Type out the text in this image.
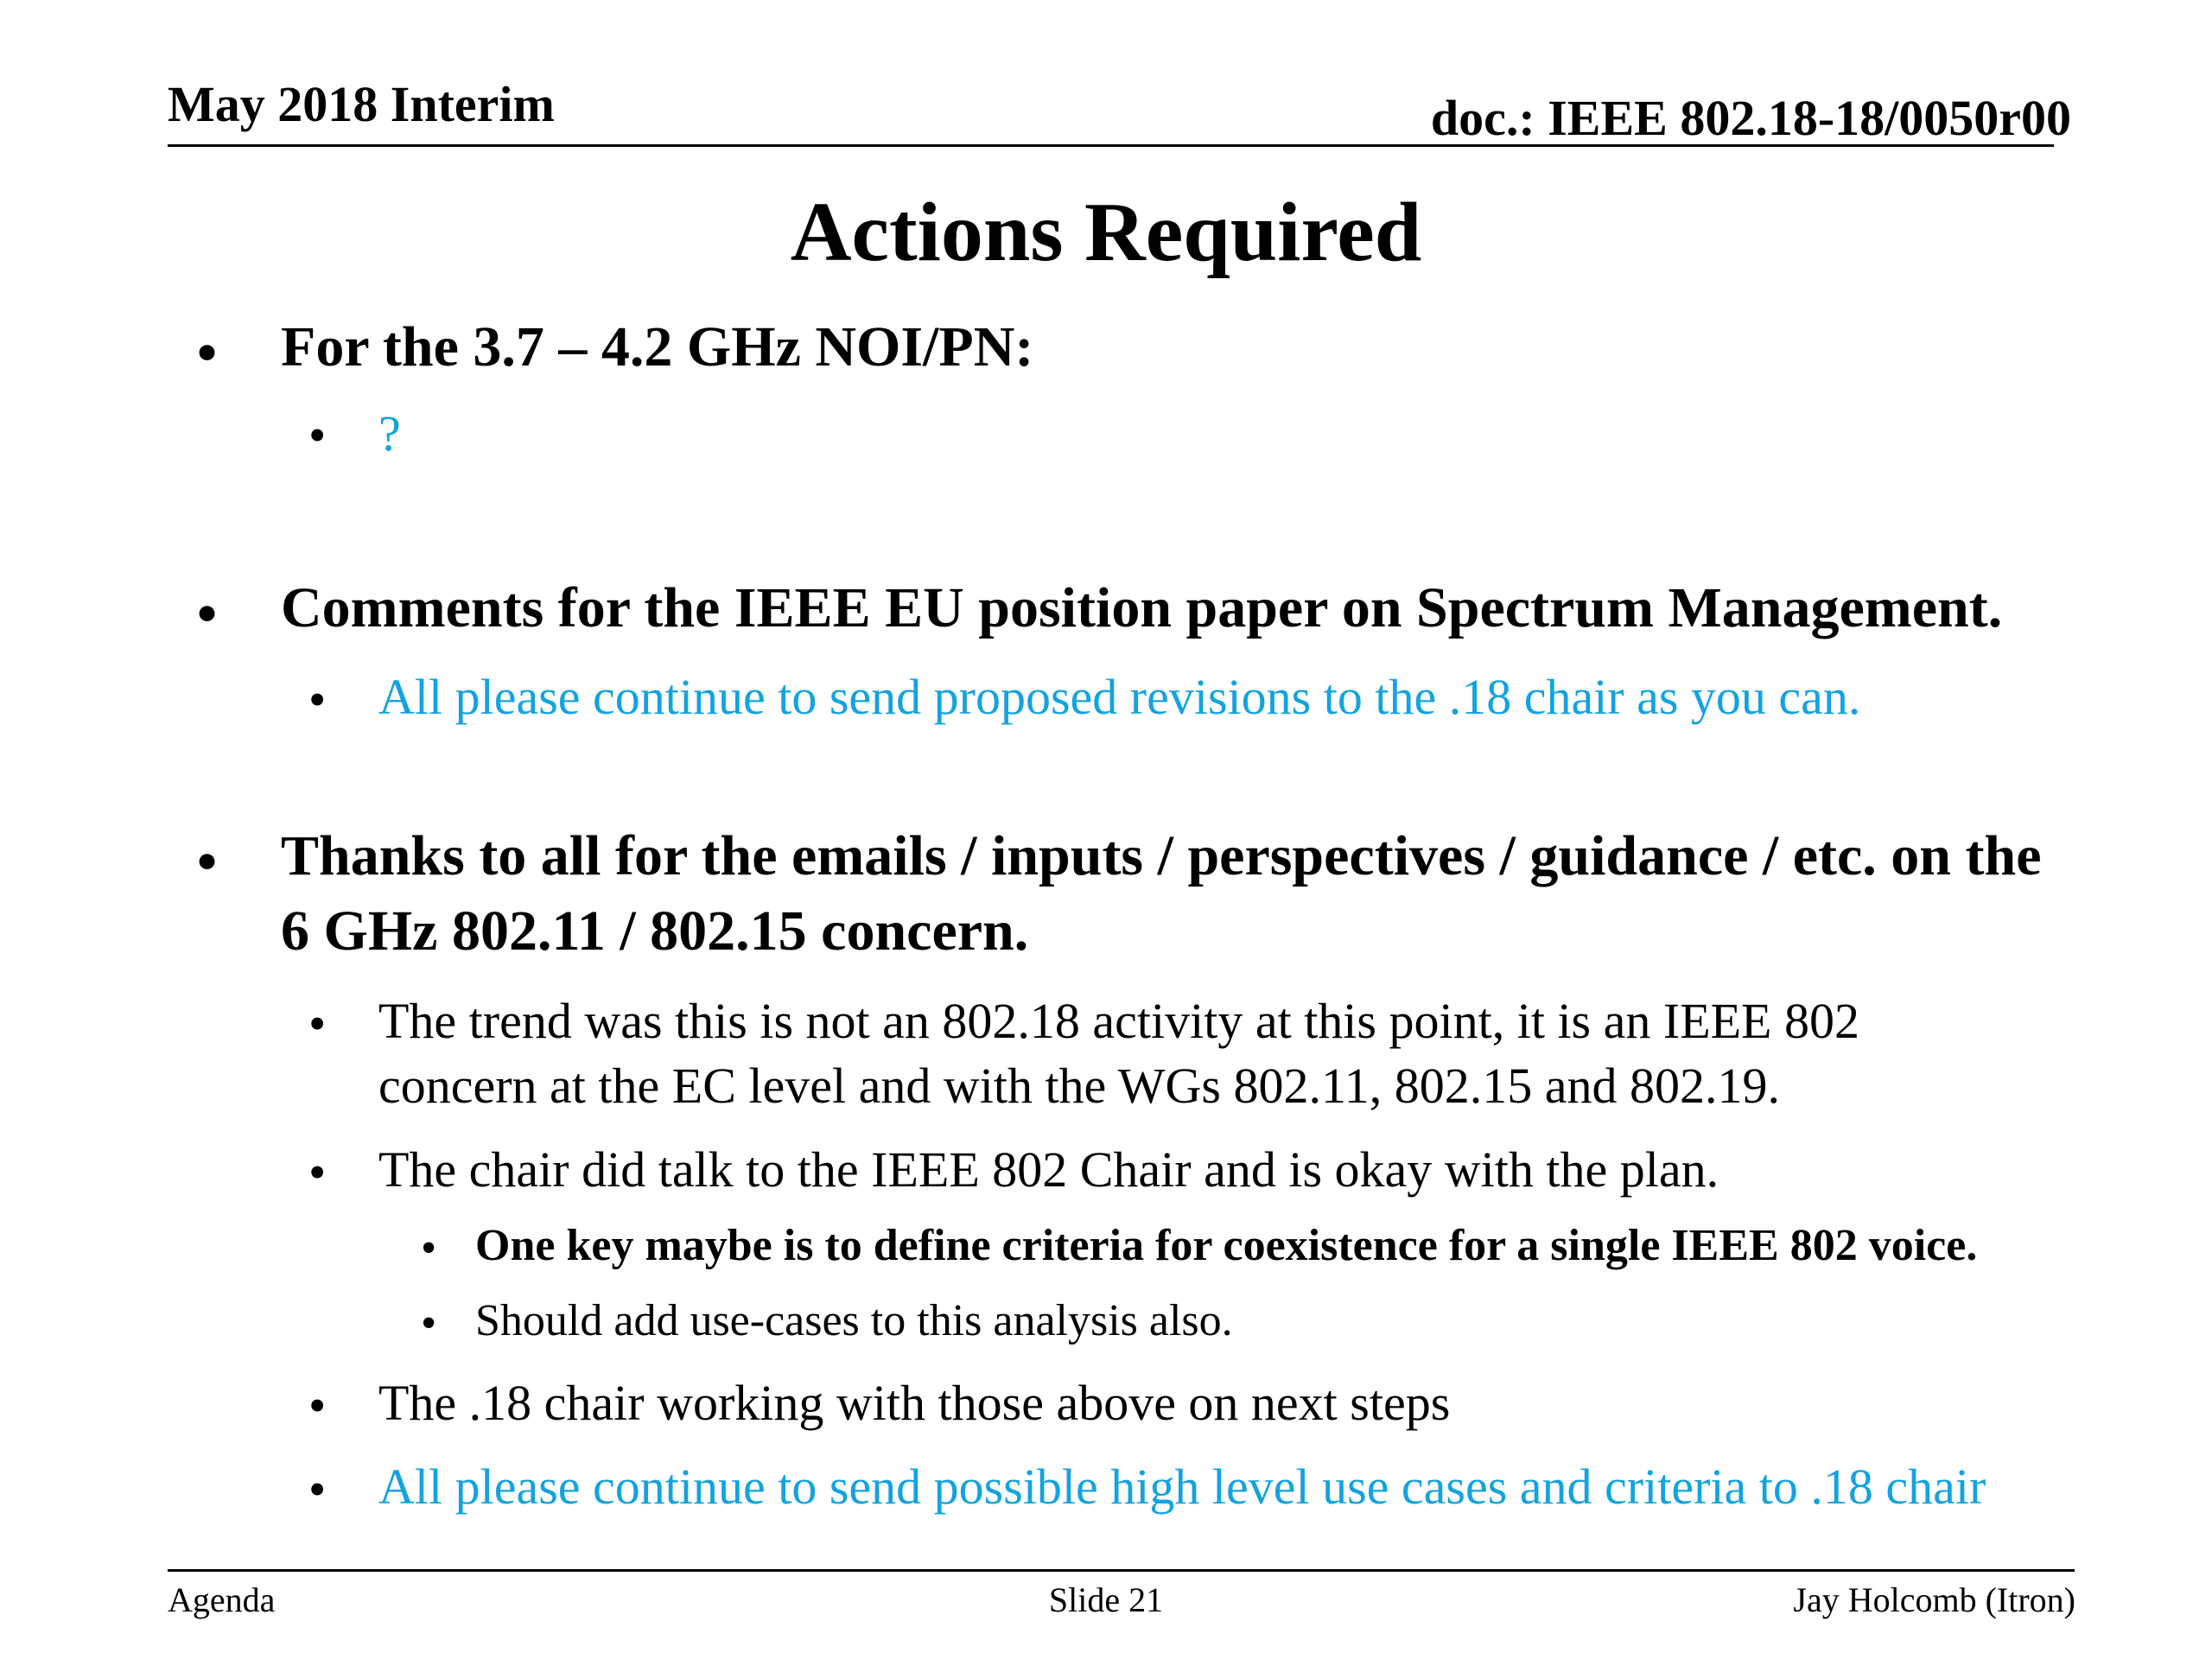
May 2018 Interim	doc.: IEEE 802.18-18/0050r00
Actions Required
• For the 3.7 – 4.2 GHz NOI/PN:
• ?
• Comments for the IEEE EU position paper on Spectrum Management.
• All please continue to send proposed revisions to the .18 chair as you can.
• Thanks to all for the emails / inputs / perspectives / guidance / etc. on the
6 GHz 802.11 / 802.15 concern.
• The trend was this is not an 802.18 activity at this point, it is an IEEE 802
concern at the EC level and with the WGs 802.11, 802.15 and 802.19.
• The chair did talk to the IEEE 802 Chair and is okay with the plan.
• One key maybe is to define criteria for coexistence for a single IEEE 802 voice.
• Should add use-cases to this analysis also.
• The .18 chair working with those above on next steps
• All please continue to send possible high level use cases and criteria to .18 chair
Agenda	Slide 21	Jay Holcomb (Itron)
